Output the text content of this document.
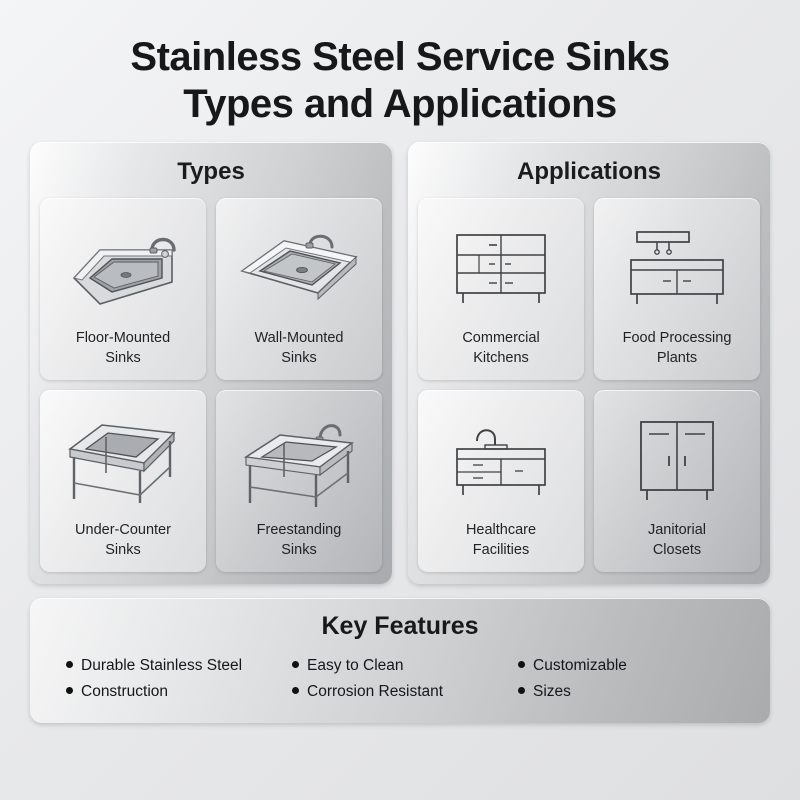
Stainless Steel Service Sinks
Types and Applications
Types
Floor-Mounted
Sinks
Wall-Mounted
Sinks
Under-Counter
Sinks
Freestanding
Sinks
Applications
Commercial
Kitchens
Food Processing
Plants
Healthcare
Facilities
Janitorial
Closets
Key Features
Durable Stainless Steel
Construction
Easy to Clean
Corrosion Resistant
Customizable
Sizes
